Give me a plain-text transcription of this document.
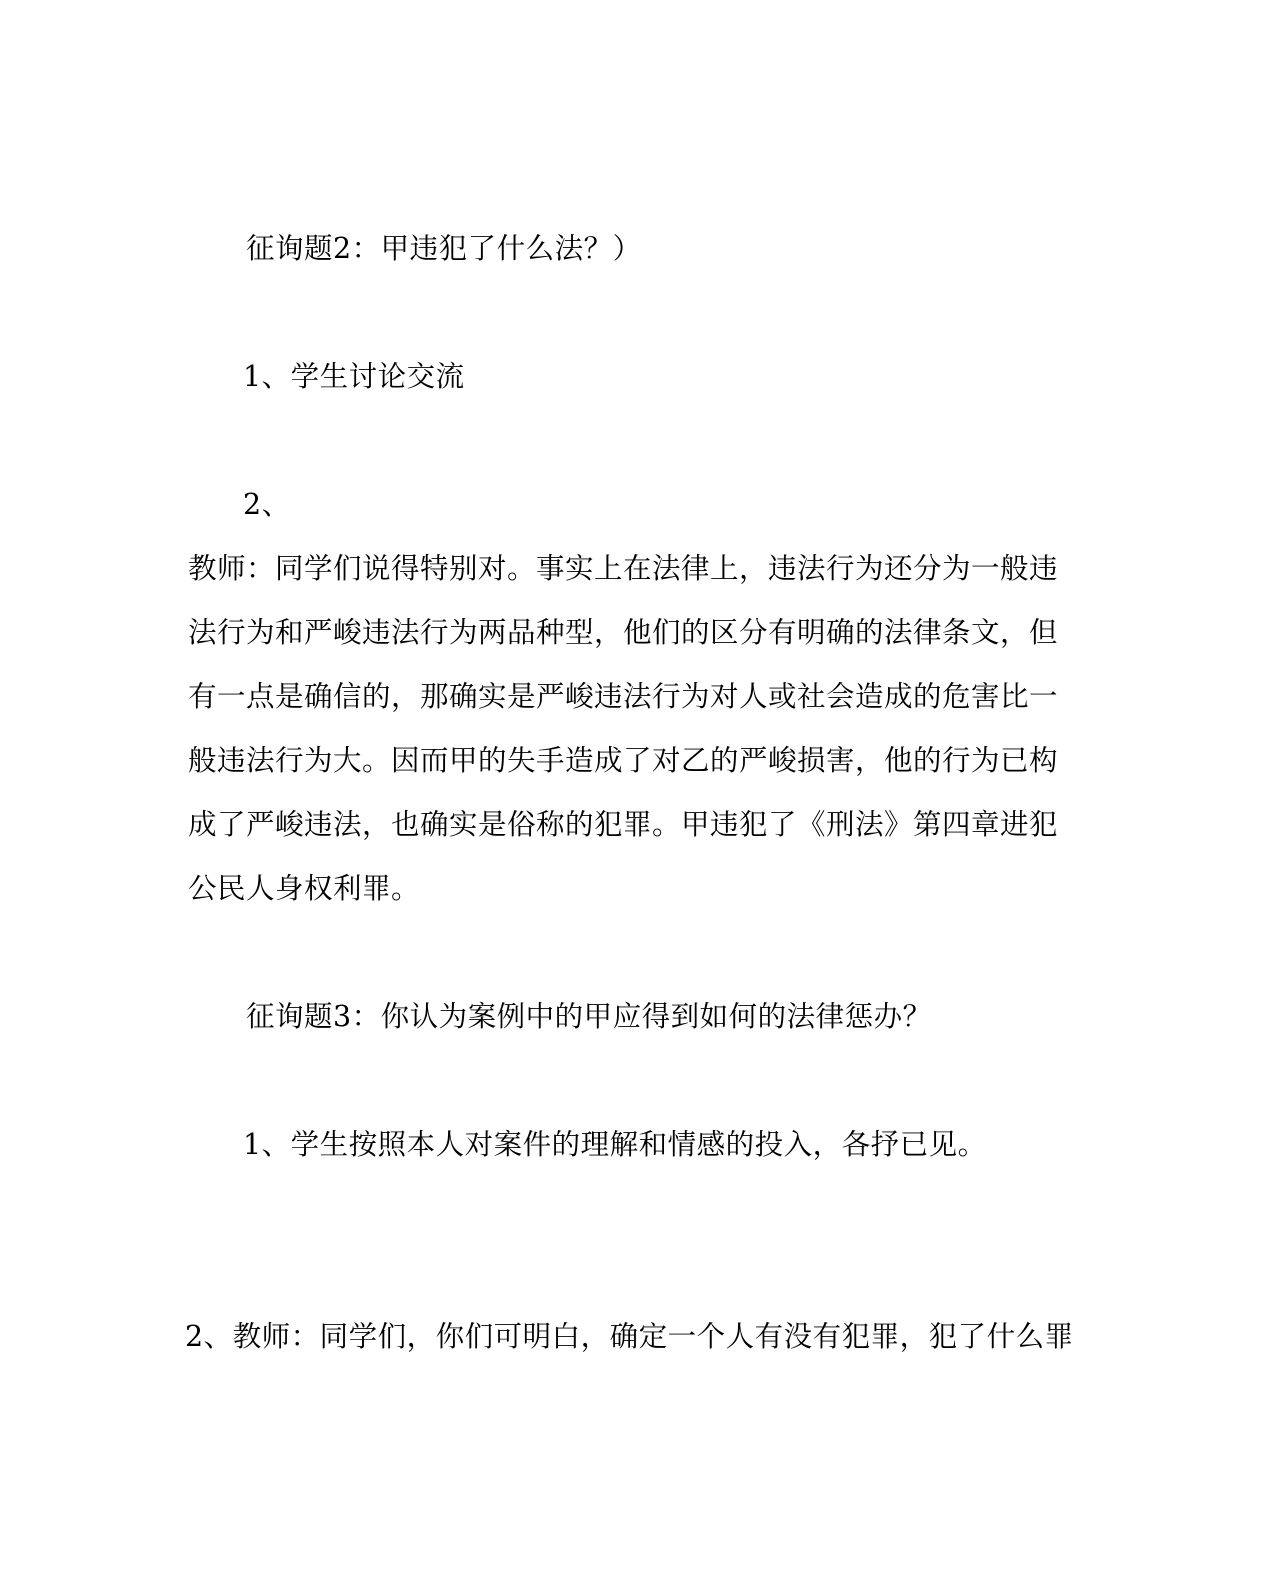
征询题2：甲违犯了什么法？）
1、学生讨论交流
2、
教师：同学们说得特别对。事实上在法律上，违法行为还分为一般违
法行为和严峻违法行为两品种型，他们的区分有明确的法律条文，但
有一点是确信的，那确实是严峻违法行为对人或社会造成的危害比一
般违法行为大。因而甲的失手造成了对乙的严峻损害，他的行为已构
成了严峻违法，也确实是俗称的犯罪。甲违犯了《刑法》第四章进犯
公民人身权利罪。
征询题3：你认为案例中的甲应得到如何的法律惩办？
1、学生按照本人对案件的理解和情感的投入，各抒已见。
2、教师：同学们，你们可明白，确定一个人有没有犯罪，犯了什么罪
